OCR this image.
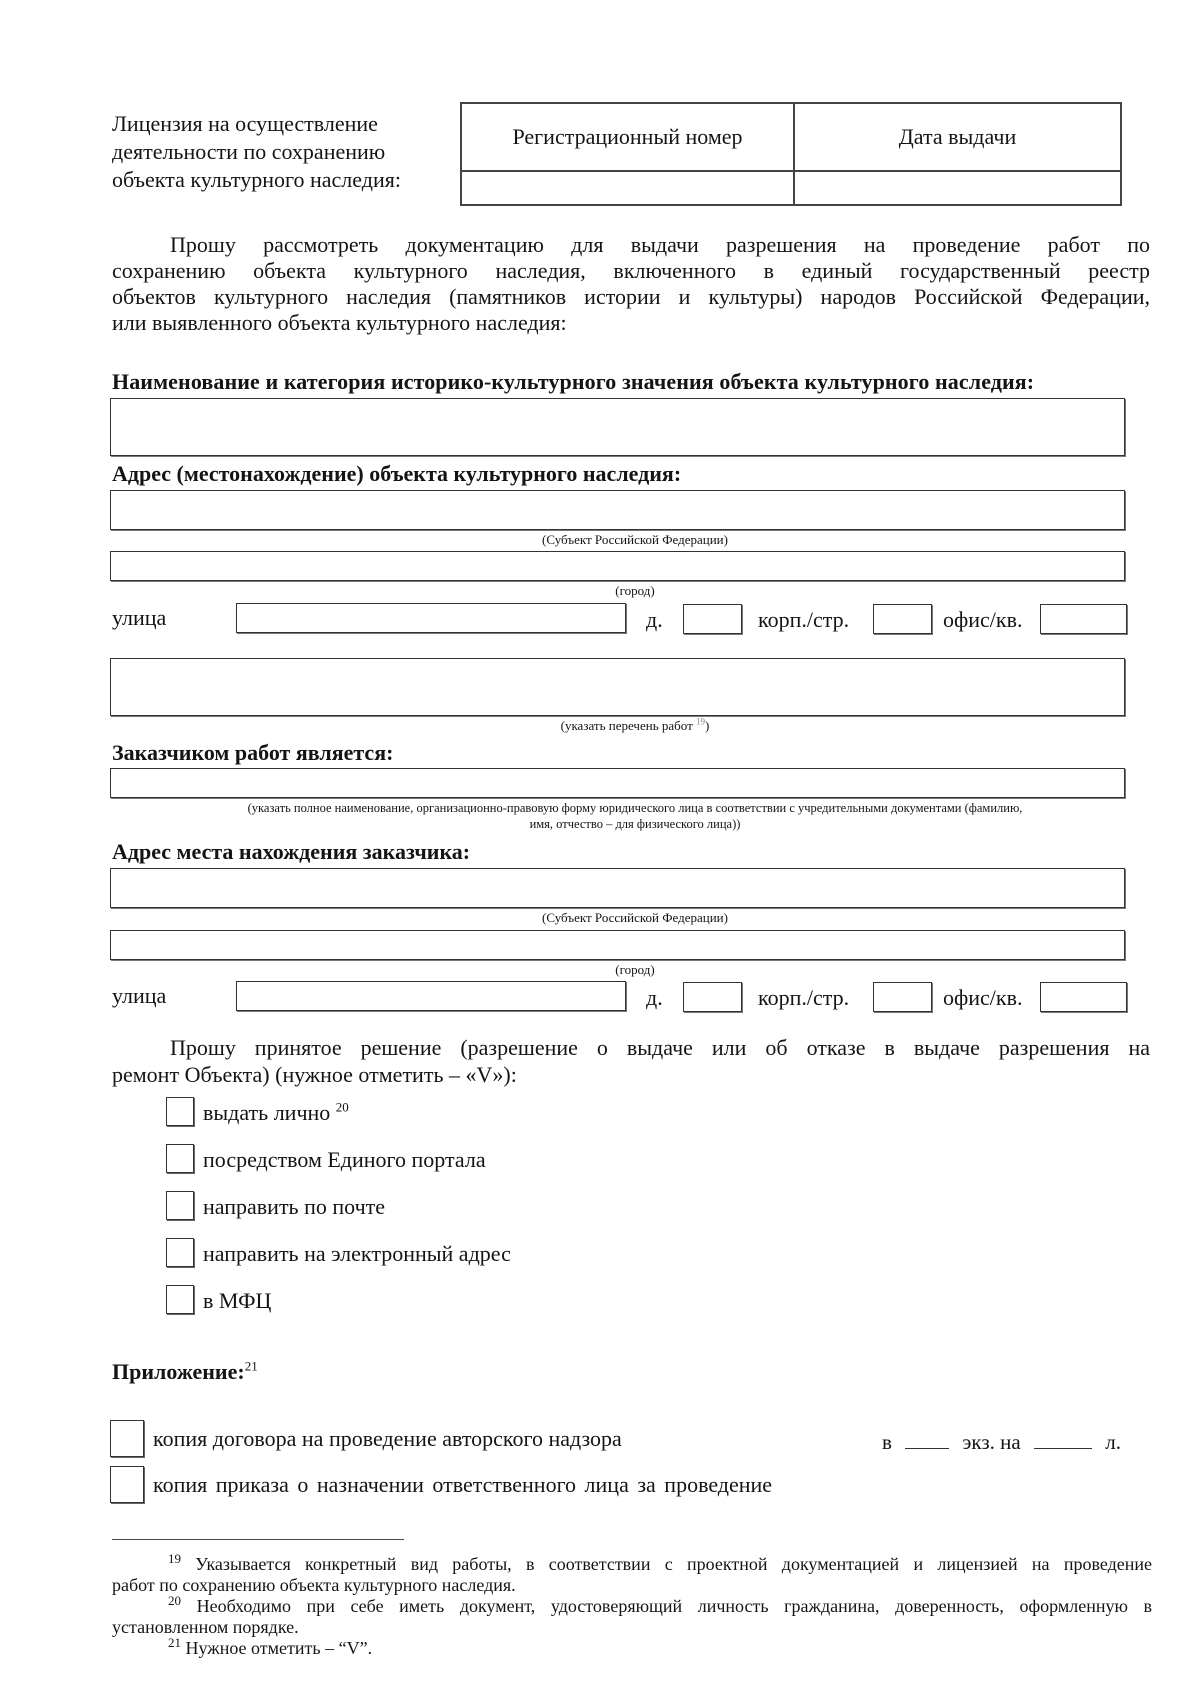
Лицензия на осуществление
деятельности по сохранению
объекта культурного наследия:
Регистрационный номер	Дата выдачи

Прошу рассмотреть документацию для выдачи разрешения на проведение работ по
сохранению объекта культурного наследия, включенного в единый государственный реестр
объектов культурного наследия (памятников истории и культуры) народов Российской Федерации,
или выявленного объекта культурного наследия:
Наименование и категория историко-культурного значения объекта культурного наследия:
Адрес (местонахождение) объекта культурного наследия:
(Субъект Российской Федерации)
(город)
улица	д.	корп./стр.	офис/кв.
(указать перечень работ $^{19}$)
Заказчиком работ является:
(указать полное наименование, организационно-правовую форму юридического лица в соответствии с учредительными документами (фамилию,
имя, отчество – для физического лица))
Адрес места нахождения заказчика:
(Субъект Российской Федерации)
(город)
улица	д.	корп./стр.	офис/кв.
Прошу принятое решение (разрешение о выдаче или об отказе в выдаче разрешения на
ремонт Объекта) (нужное отметить – «V»):
выдать лично $^{20}$
посредством Единого портала
направить по почте
направить на электронный адрес
в МФЦ
Приложение:$^{21}$
копия договора на проведение авторского надзора	в	экз. на	л.
копия приказа о назначении ответственного лица за проведение
$^{19}$ Указывается конкретный вид работы, в соответствии с проектной документацией и лицензией на проведение
работ по сохранению объекта культурного наследия.
$^{20}$ Необходимо при себе иметь документ, удостоверяющий личность гражданина, доверенность, оформленную в
установленном порядке.
$^{21}$ Нужное отметить – “V”.
